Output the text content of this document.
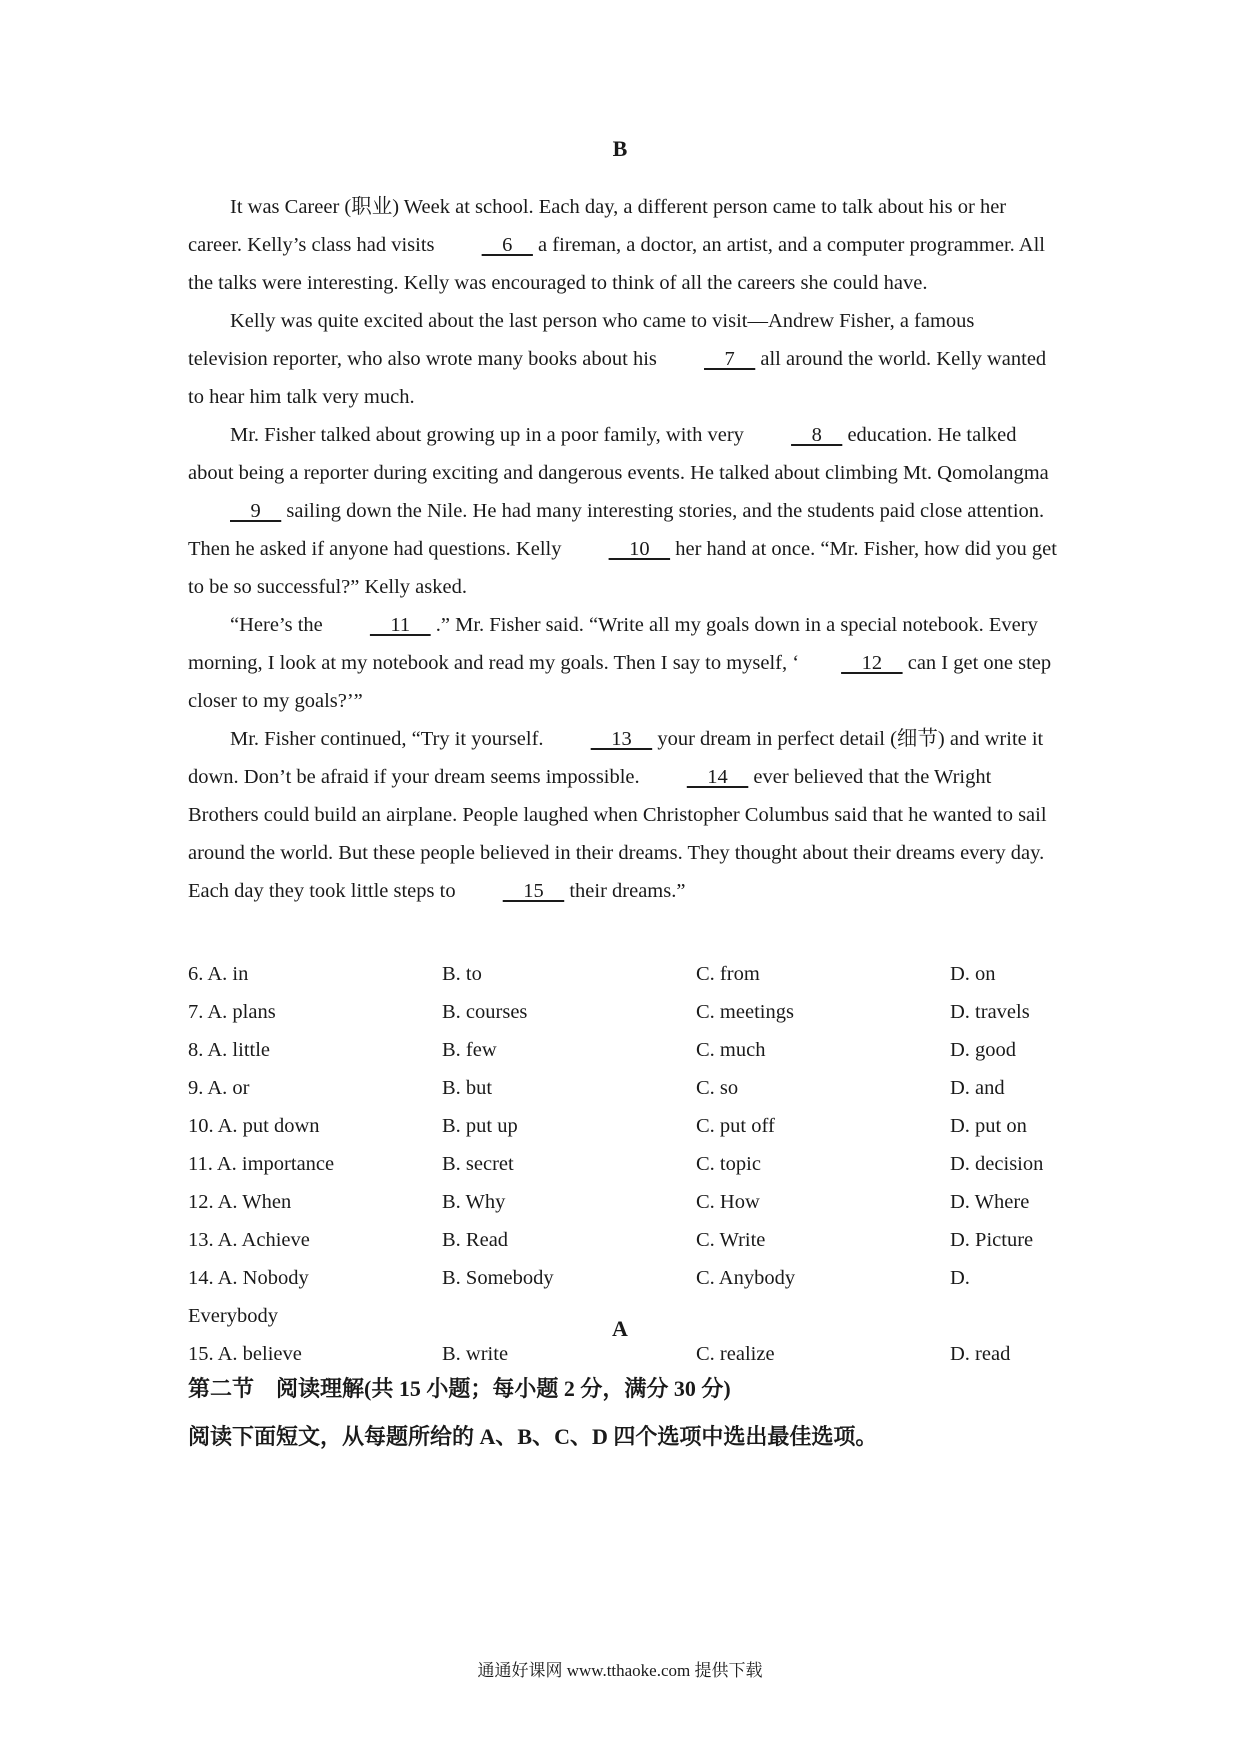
B

It was Career (职业) Week at school. Each day, a different person came to talk about his or her career. Kelly’s class had visits     6     a fireman, a doctor, an artist, and a computer programmer. All the talks were interesting. Kelly was encouraged to think of all the careers she could have.

Kelly was quite excited about the last person who came to visit—Andrew Fisher, a famous television reporter, who also wrote many books about his     7     all around the world. Kelly wanted to hear him talk very much.

Mr. Fisher talked about growing up in a poor family, with very     8     education. He talked about being a reporter during exciting and dangerous events. He talked about climbing Mt. Qomolangma     9     sailing down the Nile. He had many interesting stories, and the students paid close attention. Then he asked if anyone had questions. Kelly     10     her hand at once. “Mr. Fisher, how did you get to be so successful?” Kelly asked.

“Here’s the     11     .” Mr. Fisher said. “Write all my goals down in a special notebook. Every morning, I look at my notebook and read my goals. Then I say to myself, ‘    12     can I get one step closer to my goals?’”

Mr. Fisher continued, “Try it yourself.     13     your dream in perfect detail (细节) and write it down. Don’t be afraid if your dream seems impossible.     14     ever believed that the Wright Brothers could build an airplane. People laughed when Christopher Columbus said that he wanted to sail around the world. But these people believed in their dreams. They thought about their dreams every day. Each day they took little steps to     15     their dreams.”

6. A. in	B. to	C. from	D. on
7. A. plans	B. courses	C. meetings	D. travels
8. A. little	B. few	C. much	D. good
9. A. or	B. but	C. so	D. and
10. A. put down	B. put up	C. put off	D. put on
11. A. importance	B. secret	C. topic	D. decision
12. A. When	B. Why	C. How	D. Where
13. A. Achieve	B. Read	C. Write	D. Picture
14. A. Nobody	B. Somebody	C. Anybody	D.
Everybody
15. A. believe	B. write	C. realize	D. read
第二节　阅读理解(共 15 小题；每小题 2 分，满分 30 分)
阅读下面短文，从每题所给的 A、B、C、D 四个选项中选出最佳选项。
A
通通好课网 www.tthaoke.com 提供下载
